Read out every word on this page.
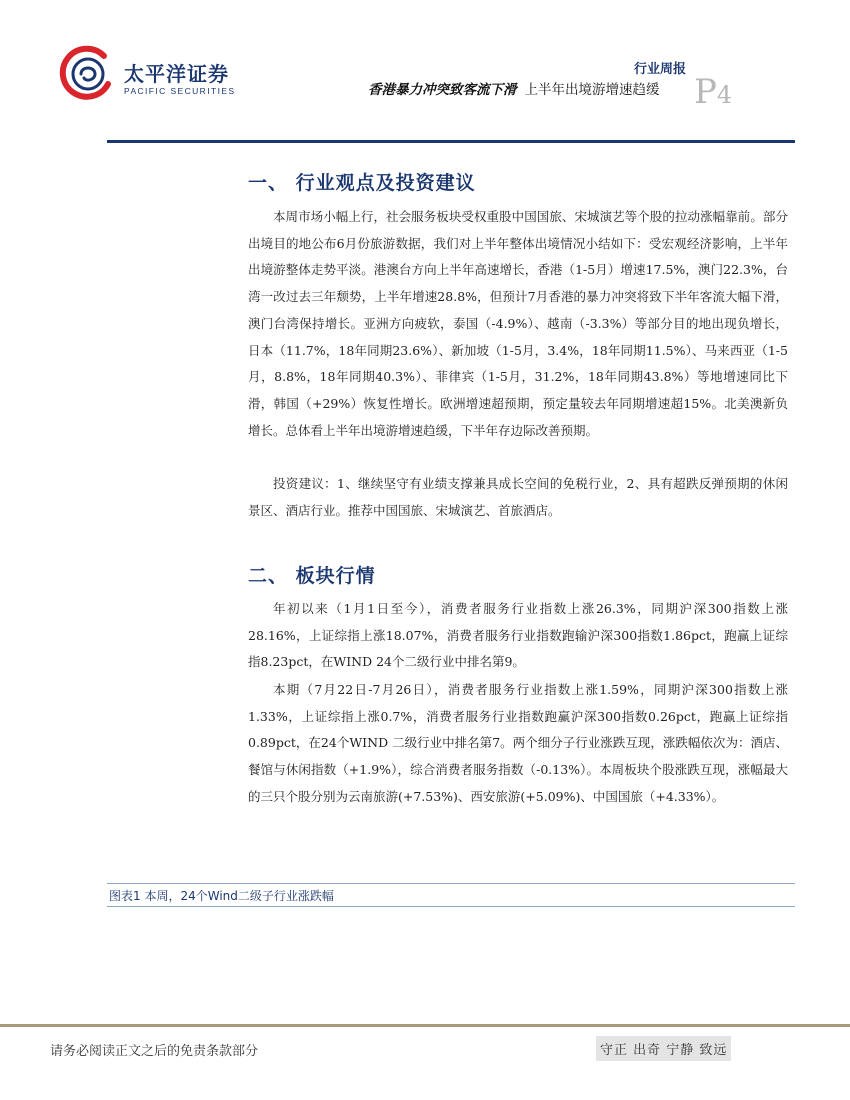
太平洋证券
PACIFIC SECURITIES
行业周报
香港暴力冲突致客流下滑 上半年出境游增速趋缓 P4
一、 行业观点及投资建议

本周市场小幅上行，社会服务板块受权重股中国国旅、宋城演艺等个股的拉动涨幅靠前。部分出境目的地公布6月份旅游数据，我们对上半年整体出境情况小结如下：受宏观经济影响，上半年出境游整体走势平淡。港澳台方向上半年高速增长，香港（1-5月）增速17.5%，澳门22.3%，台湾一改过去三年颓势，上半年增速28.8%，但预计7月香港的暴力冲突将致下半年客流大幅下滑，澳门台湾保持增长。亚洲方向疲软，泰国（-4.9%）、越南（-3.3%）等部分目的地出现负增长，日本（11.7%，18年同期23.6%）、新加坡（1-5月，3.4%，18年同期11.5%）、马来西亚（1-5月，8.8%，18年同期40.3%）、菲律宾（1-5月，31.2%，18年同期43.8%）等地增速同比下滑，韩国（+29%）恢复性增长。欧洲增速超预期，预定量较去年同期增速超15%。北美澳新负增长。总体看上半年出境游增速趋缓，下半年存边际改善预期。

投资建议：1、继续坚守有业绩支撑兼具成长空间的免税行业，2、具有超跌反弹预期的休闲景区、酒店行业。推荐中国国旅、宋城演艺、首旅酒店。

二、 板块行情

年初以来（1月1日至今），消费者服务行业指数上涨26.3%，同期沪深300指数上涨28.16%，上证综指上涨18.07%，消费者服务行业指数跑输沪深300指数1.86pct，跑赢上证综指8.23pct，在WIND 24个二级行业中排名第9。

本期（7月22日-7月26日），消费者服务行业指数上涨1.59%，同期沪深300指数上涨1.33%，上证综指上涨0.7%，消费者服务行业指数跑赢沪深300指数0.26pct，跑赢上证综指0.89pct，在24个WIND 二级行业中排名第7。两个细分子行业涨跌互现，涨跌幅依次为：酒店、餐馆与休闲指数（+1.9%），综合消费者服务指数（-0.13%）。本周板块个股涨跌互现，涨幅最大的三只个股分别为云南旅游(+7.53%)、西安旅游(+5.09%)、中国国旅（+4.33%）。

图表1 本周，24个Wind二级子行业涨跌幅
请务必阅读正文之后的免责条款部分	守正 出奇 宁静 致远
